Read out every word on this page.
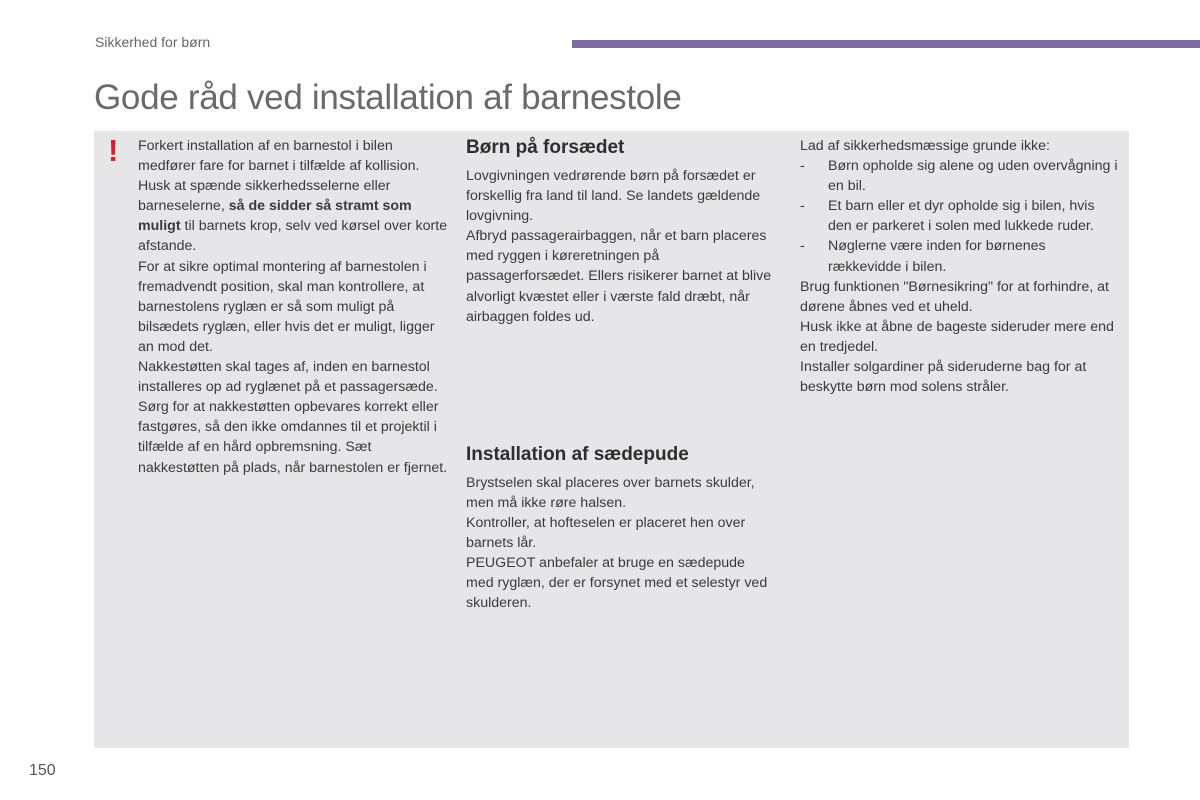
Sikkerhed for børn
Gode råd ved installation af barnestole
! Forkert installation af en barnestol i bilen medfører fare for barnet i tilfælde af kollision. Husk at spænde sikkerhedsselerne eller barneselerne, så de sidder så stramt som muligt til barnets krop, selv ved kørsel over korte afstande.

For at sikre optimal montering af barnestolen i fremadvendt position, skal man kontrollere, at barnestolens ryglæn er så som muligt på bilsædets ryglæn, eller hvis det er muligt, ligger an mod det.

Nakkestøtten skal tages af, inden en barnestol installeres op ad ryglænet på et passagersæde.

Sørg for at nakkestøtten opbevares korrekt eller fastgøres, så den ikke omdannes til et projektil i tilfælde af en hård opbremsning. Sæt nakkestøtten på plads, når barnestolen er fjernet.

Børn på forsædet

Lovgivningen vedrørende børn på forsædet er forskellig fra land til land. Se landets gældende lovgivning.

Afbryd passagerairbaggen, når et barn placeres med ryggen i køreretningen på passagerforsædet. Ellers risikerer barnet at blive alvorligt kvæstet eller i værste fald dræbt, når airbaggen foldes ud.

Installation af sædepude

Brystselen skal placeres over barnets skulder, men må ikke røre halsen.

Kontroller, at hofteselen er placeret hen over barnets lår.

PEUGEOT anbefaler at bruge en sædepude med ryglæn, der er forsynet med et selestyr ved skulderen.

Lad af sikkerhedsmæssige grunde ikke:

-	Børn opholde sig alene og uden overvågning i en bil.
-	Et barn eller et dyr opholde sig i bilen, hvis den er parkeret i solen med lukkede ruder.
-	Nøglerne være inden for børnenes rækkevidde i bilen.

Brug funktionen "Børnesikring" for at forhindre, at dørene åbnes ved et uheld.

Husk ikke at åbne de bageste sideruder mere end en tredjedel.

Installer solgardiner på sideruderne bag for at beskytte børn mod solens stråler.

150
